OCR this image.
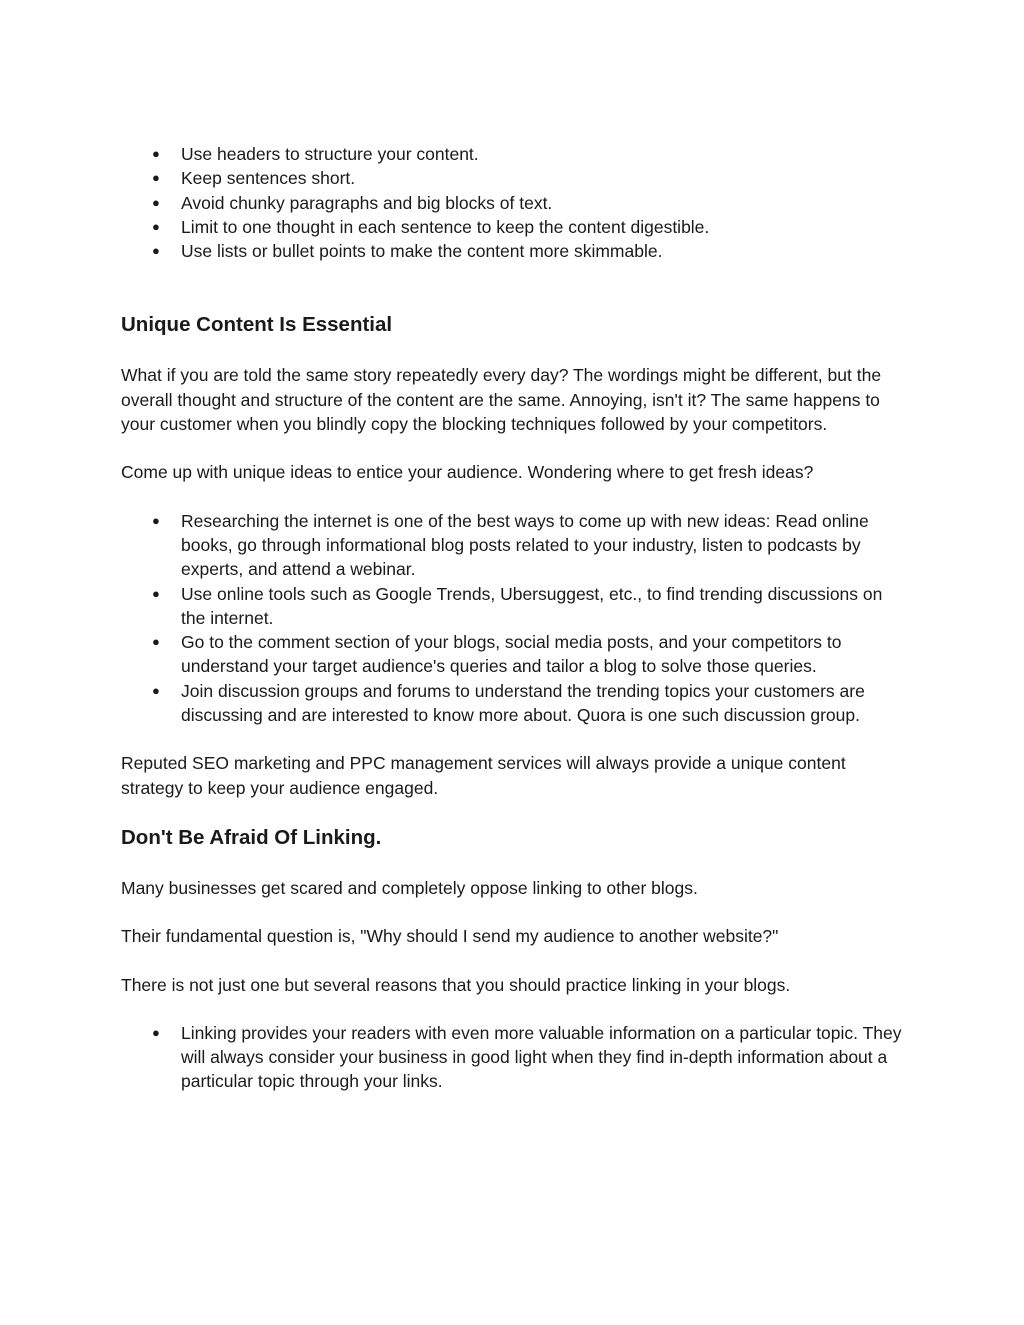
● Use headers to structure your content.
● Keep sentences short.
● Avoid chunky paragraphs and big blocks of text.
● Limit to one thought in each sentence to keep the content digestible.
● Use lists or bullet points to make the content more skimmable.
Unique Content Is Essential

What if you are told the same story repeatedly every day? The wordings might be different, but the overall thought and structure of the content are the same. Annoying, isn't it? The same happens to your customer when you blindly copy the blocking techniques followed by your competitors.

Come up with unique ideas to entice your audience. Wondering where to get fresh ideas?

● Researching the internet is one of the best ways to come up with new ideas: Read online books, go through informational blog posts related to your industry, listen to podcasts by experts, and attend a webinar.
● Use online tools such as Google Trends, Ubersuggest, etc., to find trending discussions on the internet.
● Go to the comment section of your blogs, social media posts, and your competitors to understand your target audience's queries and tailor a blog to solve those queries.
● Join discussion groups and forums to understand the trending topics your customers are discussing and are interested to know more about. Quora is one such discussion group.

Reputed SEO marketing and PPC management services will always provide a unique content strategy to keep your audience engaged.

Don't Be Afraid Of Linking.

Many businesses get scared and completely oppose linking to other blogs.

Their fundamental question is, "Why should I send my audience to another website?"

There is not just one but several reasons that you should practice linking in your blogs.

● Linking provides your readers with even more valuable information on a particular topic. They will always consider your business in good light when they find in-depth information about a particular topic through your links.
